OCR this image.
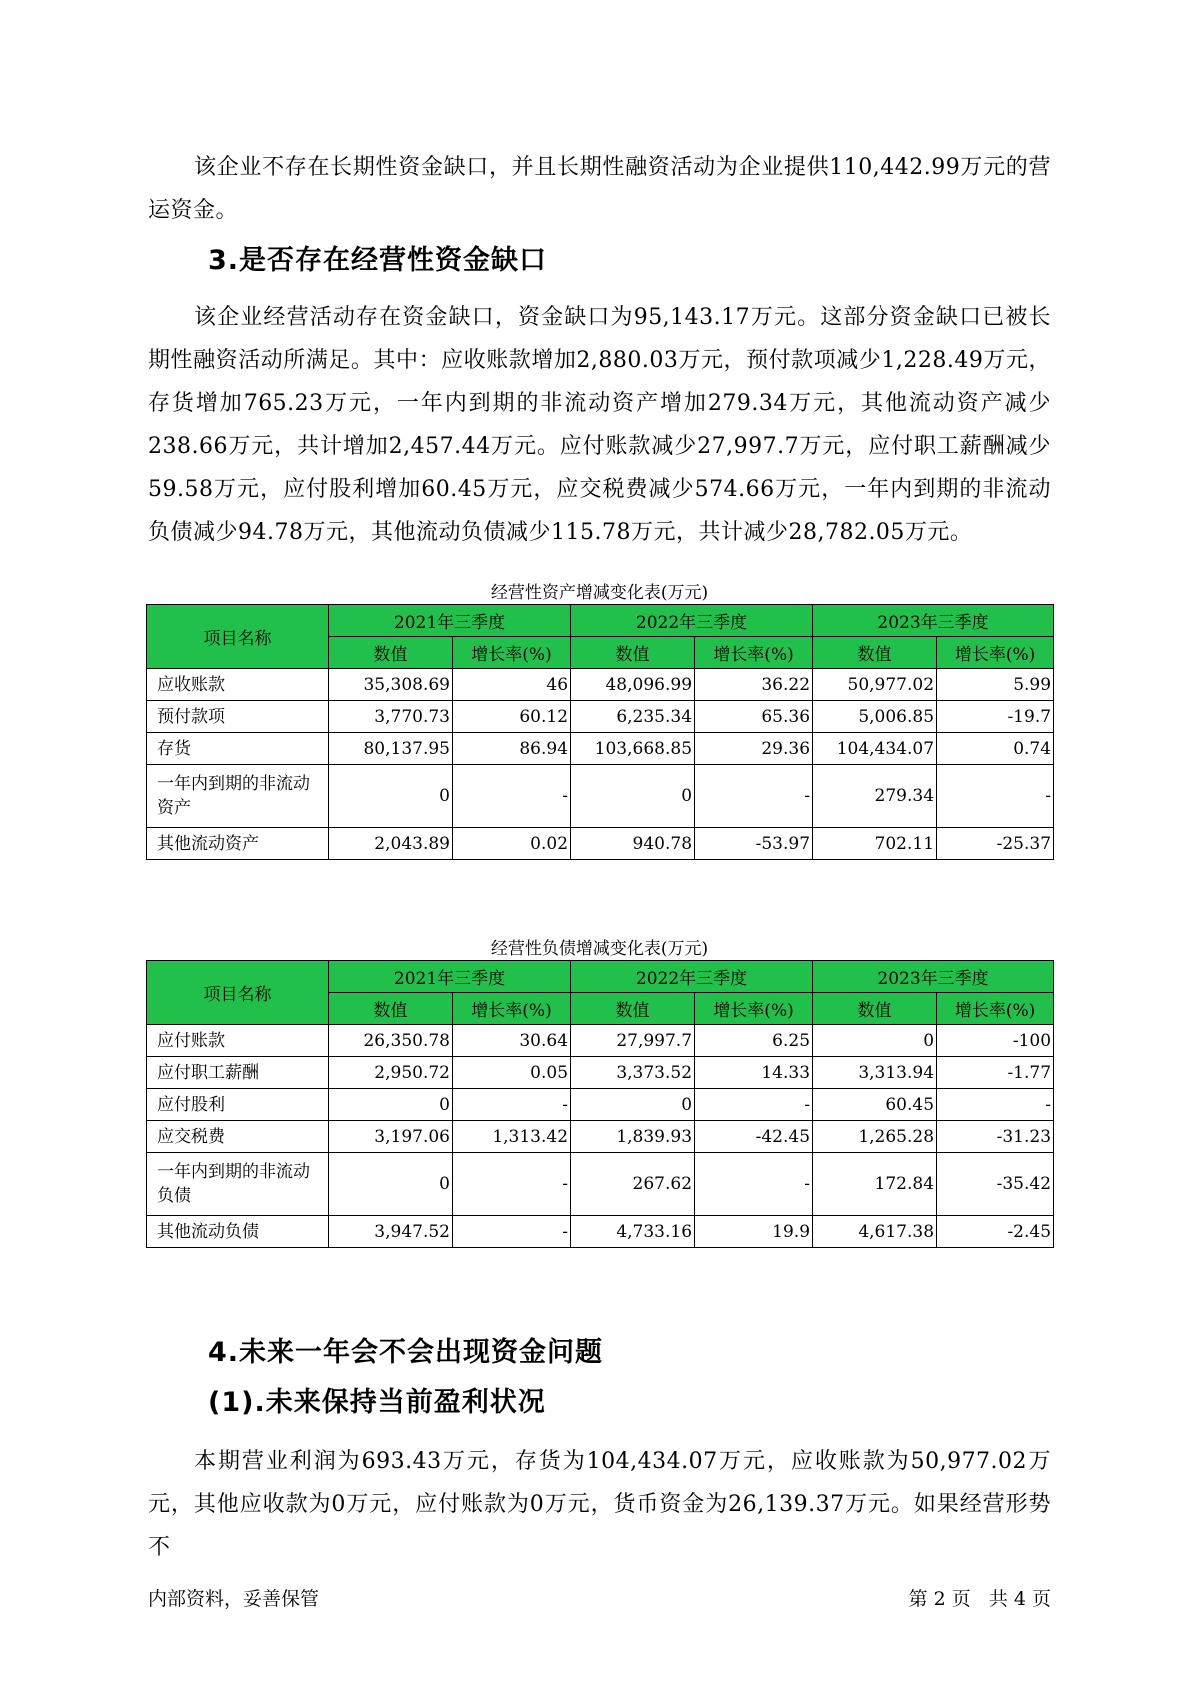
该企业不存在长期性资金缺口，并且长期性融资活动为企业提供110,442.99万元的营运资金。

3.是否存在经营性资金缺口

该企业经营活动存在资金缺口，资金缺口为95,143.17万元。这部分资金缺口已被长期性融资活动所满足。其中：应收账款增加2,880.03万元，预付款项减少1,228.49万元，存货增加765.23万元，一年内到期的非流动资产增加279.34万元，其他流动资产减少238.66万元，共计增加2,457.44万元。应付账款减少27,997.7万元，应付职工薪酬减少59.58万元，应付股利增加60.45万元，应交税费减少574.66万元，一年内到期的非流动负债减少94.78万元，其他流动负债减少115.78万元，共计减少28,782.05万元。

经营性资产增减变化表(万元)

项目名称	2021年三季度		2022年三季度		2023年三季度	
	数值	增长率(%)	数值	增长率(%)	数值	增长率(%)
应收账款	35,308.69	46	48,096.99	36.22	50,977.02	5.99
预付款项	3,770.73	60.12	6,235.34	65.36	5,006.85	-19.7
存货	80,137.95	86.94	103,668.85	29.36	104,434.07	0.74
一年内到期的非流动资产	0	-	0	-	279.34	-
其他流动资产	2,043.89	0.02	940.78	-53.97	702.11	-25.37

经营性负债增减变化表(万元)

项目名称	2021年三季度		2022年三季度		2023年三季度	
	数值	增长率(%)	数值	增长率(%)	数值	增长率(%)
应付账款	26,350.78	30.64	27,997.7	6.25	0	-100
应付职工薪酬	2,950.72	0.05	3,373.52	14.33	3,313.94	-1.77
应付股利	0	-	0	-	60.45	-
应交税费	3,197.06	1,313.42	1,839.93	-42.45	1,265.28	-31.23
一年内到期的非流动负债	0	-	267.62	-	172.84	-35.42
其他流动负债	3,947.52	-	4,733.16	19.9	4,617.38	-2.45
4.未来一年会不会出现资金问题
(1).未来保持当前盈利状况

本期营业利润为693.43万元，存货为104,434.07万元，应收账款为50,977.02万元，其他应收款为0万元，应付账款为0万元，货币资金为26,139.37万元。如果经营形势不

内部资料，妥善保管	第 2 页   共 4 页
